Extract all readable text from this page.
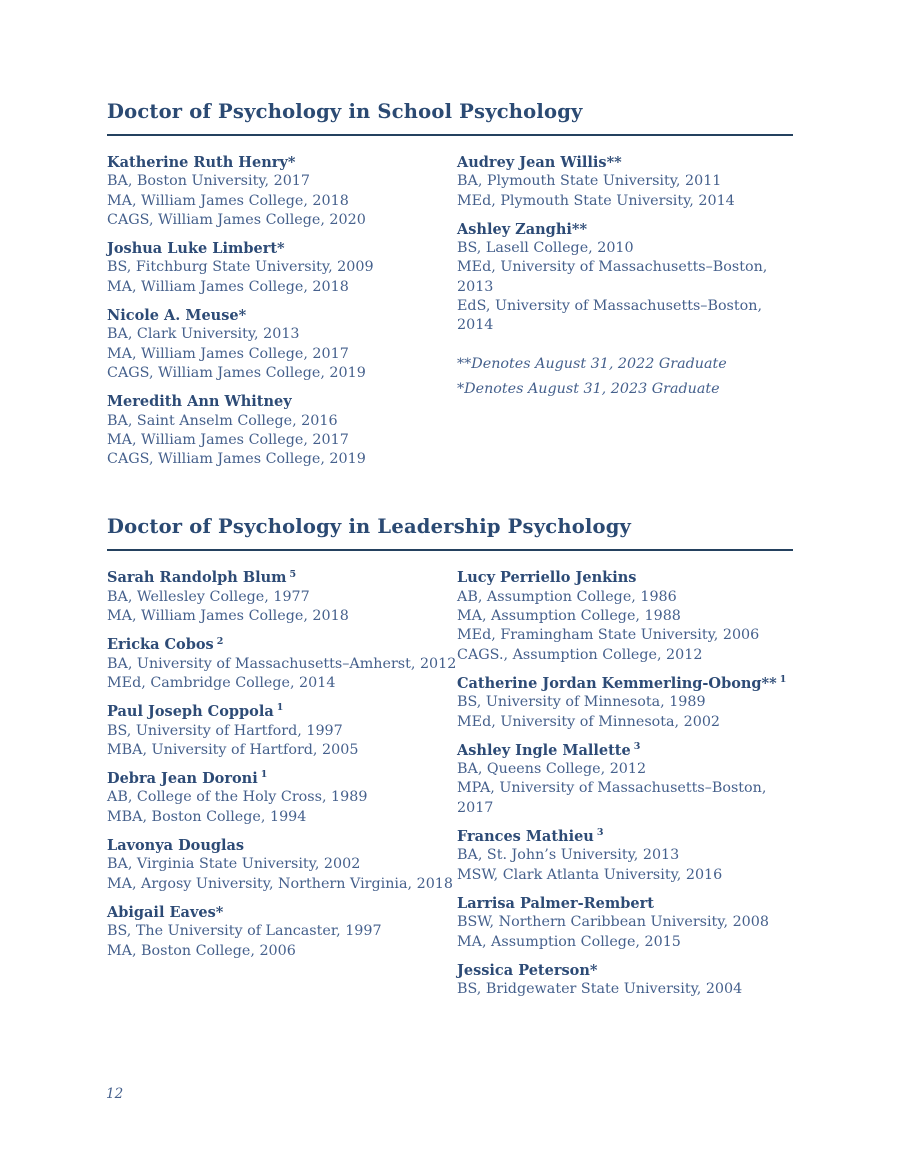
Doctor of Psychology in School Psychology
Katherine Ruth Henry*
BA, Boston University, 2017
MA, William James College, 2018
CAGS, William James College, 2020
Joshua Luke Limbert*
BS, Fitchburg State University, 2009
MA, William James College, 2018
Nicole A. Meuse*
BA, Clark University, 2013
MA, William James College, 2017
CAGS, William James College, 2019
Meredith Ann Whitney
BA, Saint Anselm College, 2016
MA, William James College, 2017
CAGS, William James College, 2019
Audrey Jean Willis**
BA, Plymouth State University, 2011
MEd, Plymouth State University, 2014
Ashley Zanghi**
BS, Lasell College, 2010
MEd, University of Massachusetts–Boston, 2013
EdS, University of Massachusetts–Boston, 2014
**Denotes August 31, 2022 Graduate
*Denotes August 31, 2023 Graduate
Doctor of Psychology in Leadership Psychology
Sarah Randolph Blum $^5$
BA, Wellesley College, 1977
MA, William James College, 2018
Ericka Cobos $^2$
BA, University of Massachusetts–Amherst, 2012
MEd, Cambridge College, 2014
Paul Joseph Coppola $^1$
BS, University of Hartford, 1997
MBA, University of Hartford, 2005
Debra Jean Doroni $^1$
AB, College of the Holy Cross, 1989
MBA, Boston College, 1994
Lavonya Douglas
BA, Virginia State University, 2002
MA, Argosy University, Northern Virginia, 2018
Abigail Eaves*
BS, The University of Lancaster, 1997
MA, Boston College, 2006
Lucy Perriello Jenkins
AB, Assumption College, 1986
MA, Assumption College, 1988
MEd, Framingham State University, 2006
CAGS., Assumption College, 2012
Catherine Jordan Kemmerling-Obong** $^1$
BS, University of Minnesota, 1989
MEd, University of Minnesota, 2002
Ashley Ingle Mallette $^3$
BA, Queens College, 2012
MPA, University of Massachusetts–Boston, 2017
Frances Mathieu $^3$
BA, St. John’s University, 2013
MSW, Clark Atlanta University, 2016
Larrisa Palmer-Rembert
BSW, Northern Caribbean University, 2008
MA, Assumption College, 2015
Jessica Peterson*
BS, Bridgewater State University, 2004
12
